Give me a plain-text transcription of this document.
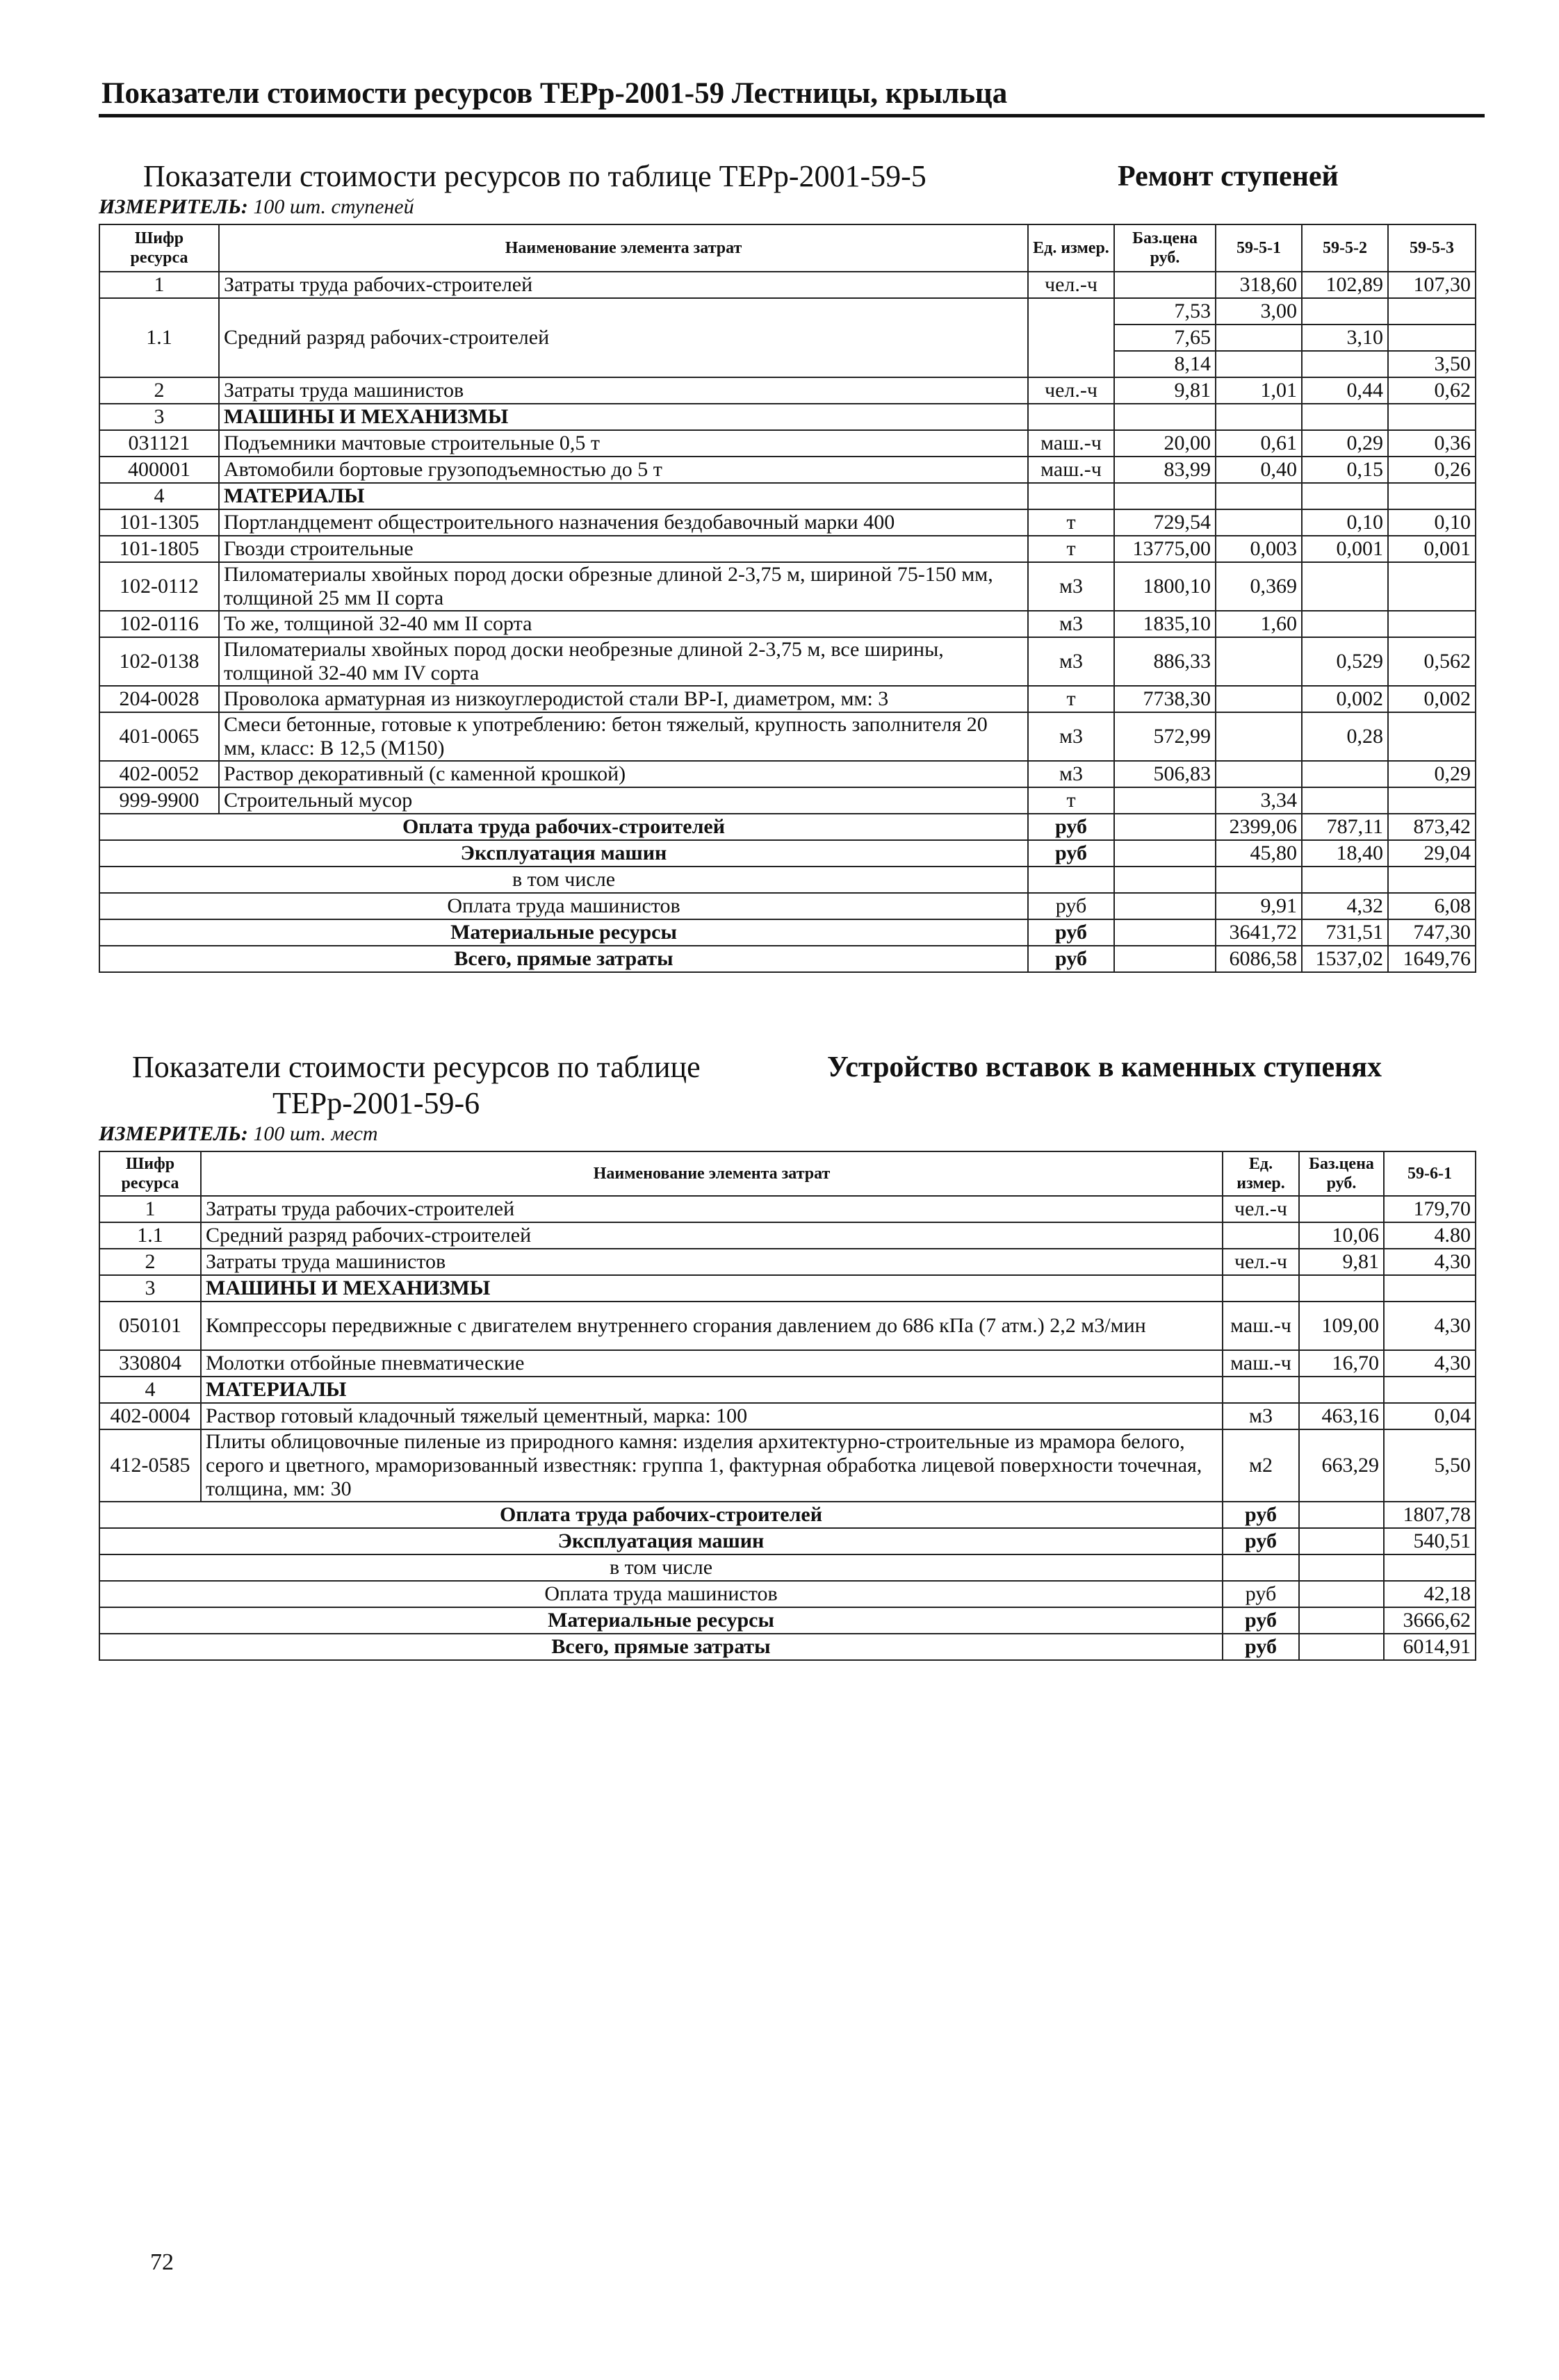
Показатели стоимости ресурсов ТЕРр-2001-59 Лестницы, крыльца
Показатели стоимости ресурсов по таблице ТЕРр-2001-59-5	Ремонт ступеней
ИЗМЕРИТЕЛЬ: 100 шт. ступеней
Шифр ресурса	Наименование элемента затрат	Ед. измер.	Баз.цена руб.	59-5-1	59-5-2	59-5-3
1	Затраты труда рабочих-строителей	чел.-ч		318,60	102,89	107,30
1.1	Средний разряд рабочих-строителей		7,53	3,00		
			7,65		3,10	
			8,14			3,50
2	Затраты труда машинистов	чел.-ч	9,81	1,01	0,44	0,62
3	МАШИНЫ И МЕХАНИЗМЫ					
031121	Подъемники мачтовые строительные 0,5 т	маш.-ч	20,00	0,61	0,29	0,36
400001	Автомобили бортовые грузоподъемностью до 5 т	маш.-ч	83,99	0,40	0,15	0,26
4	МАТЕРИАЛЫ					
101-1305	Портландцемент общестроительного назначения бездобавочный марки 400	т	729,54		0,10	0,10
101-1805	Гвозди строительные	т	13775,00	0,003	0,001	0,001
102-0112	Пиломатериалы хвойных пород доски обрезные длиной 2-3,75 м, шириной 75-150 мм, толщиной 25 мм II сорта	м3	1800,10	0,369		
102-0116	То же, толщиной 32-40 мм II сорта	м3	1835,10	1,60		
102-0138	Пиломатериалы хвойных пород доски необрезные длиной 2-3,75 м, все ширины, толщиной 32-40 мм IV сорта	м3	886,33		0,529	0,562
204-0028	Проволока арматурная из низкоуглеродистой стали ВР-I, диаметром, мм: 3	т	7738,30		0,002	0,002
401-0065	Смеси бетонные, готовые к употреблению: бетон тяжелый, крупность заполнителя 20 мм, класс: В 12,5 (М150)	м3	572,99		0,28	
402-0052	Раствор декоративный (с каменной крошкой)	м3	506,83			0,29
999-9900	Строительный мусор	т		3,34		
Оплата труда рабочих-строителей		руб		2399,06	787,11	873,42
Эксплуатация машин		руб		45,80	18,40	29,04
в том числе						
Оплата труда машинистов		руб		9,91	4,32	6,08
Материальные ресурсы		руб		3641,72	731,51	747,30
Всего, прямые затраты		руб		6086,58	1537,02	1649,76
Показатели стоимости ресурсов по таблице
ТЕРр-2001-59-6
Устройство вставок в каменных ступенях
ИЗМЕРИТЕЛЬ: 100 шт. мест
Шифр ресурса	Наименование элемента затрат	Ед. измер.	Баз.цена руб.	59-6-1
1	Затраты труда рабочих-строителей	чел.-ч		179,70
1.1	Средний разряд рабочих-строителей		10,06	4.80
2	Затраты труда машинистов	чел.-ч	9,81	4,30
3	МАШИНЫ И МЕХАНИЗМЫ			
050101	Компрессоры передвижные с двигателем внутреннего сгорания давлением до 686 кПа (7 атм.) 2,2 м3/мин	маш.-ч	109,00	4,30
330804	Молотки отбойные пневматические	маш.-ч	16,70	4,30
4	МАТЕРИАЛЫ			
402-0004	Раствор готовый кладочный тяжелый цементный, марка: 100	м3	463,16	0,04
412-0585	Плиты облицовочные пиленые из природного камня: изделия архитектурно-строительные из мрамора белого, серого и цветного, мраморизованный известняк: группа 1, фактурная обработка лицевой поверхности точечная, толщина, мм: 30	м2	663,29	5,50
Оплата труда рабочих-строителей		руб		1807,78
Эксплуатация машин		руб		540,51
в том числе				
Оплата труда машинистов		руб		42,18
Материальные ресурсы		руб		3666,62
Всего, прямые затраты		руб		6014,91
72
